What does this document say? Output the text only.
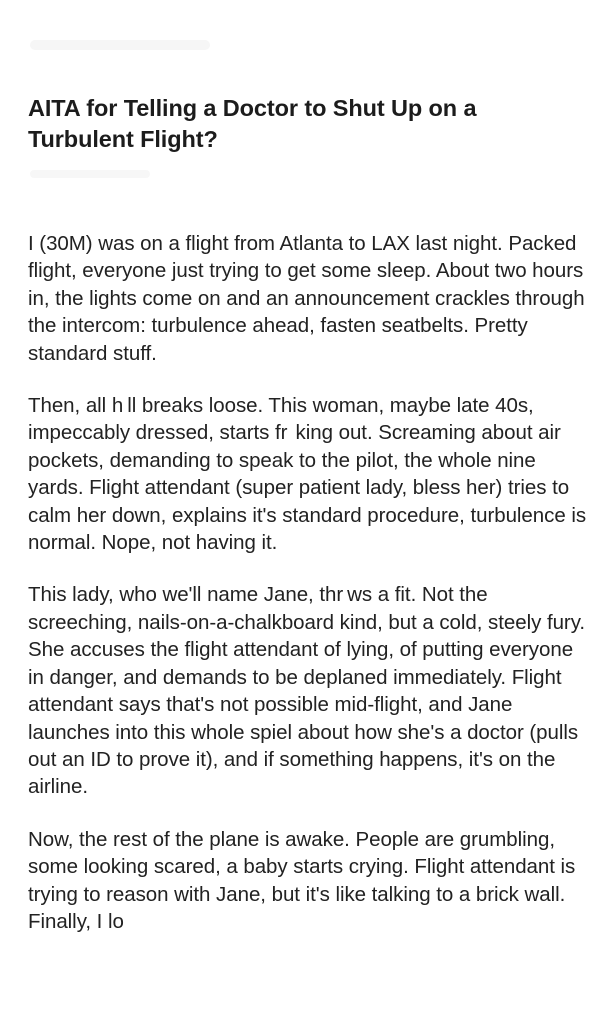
AITA for Telling a Doctor to Shut Up on a Turbulent Flight?

I (30M) was on a flight from Atlanta to LAX last night. Packed flight, everyone just trying to get some sleep. About two hours in, the lights come on and an announcement crackles through the intercom: turbulence ahead, fasten seatbelts. Pretty standard stuff.

Then, all h ll breaks loose. This woman, maybe late 40s, impeccably dressed, starts fr  king out. Screaming about air pockets, demanding to speak to the pilot, the whole nine yards. Flight attendant (super patient lady, bless her) tries to calm her down, explains it's standard procedure, turbulence is normal. Nope, not having it.

This lady, who we'll name Jane, thr ws a fit. Not the screeching, nails-on-a-chalkboard kind, but a cold, steely fury. She accuses the flight attendant of lying, of putting everyone in danger, and demands to be deplaned immediately. Flight attendant says that's not possible mid-flight, and Jane launches into this whole spiel about how she's a doctor (pulls out an ID to prove it), and if something happens, it's on the airline.

Now, the rest of the plane is awake. People are grumbling, some looking scared, a baby starts crying. Flight attendant is trying to reason with Jane, but it's like talking to a brick wall. Finally, I lo
